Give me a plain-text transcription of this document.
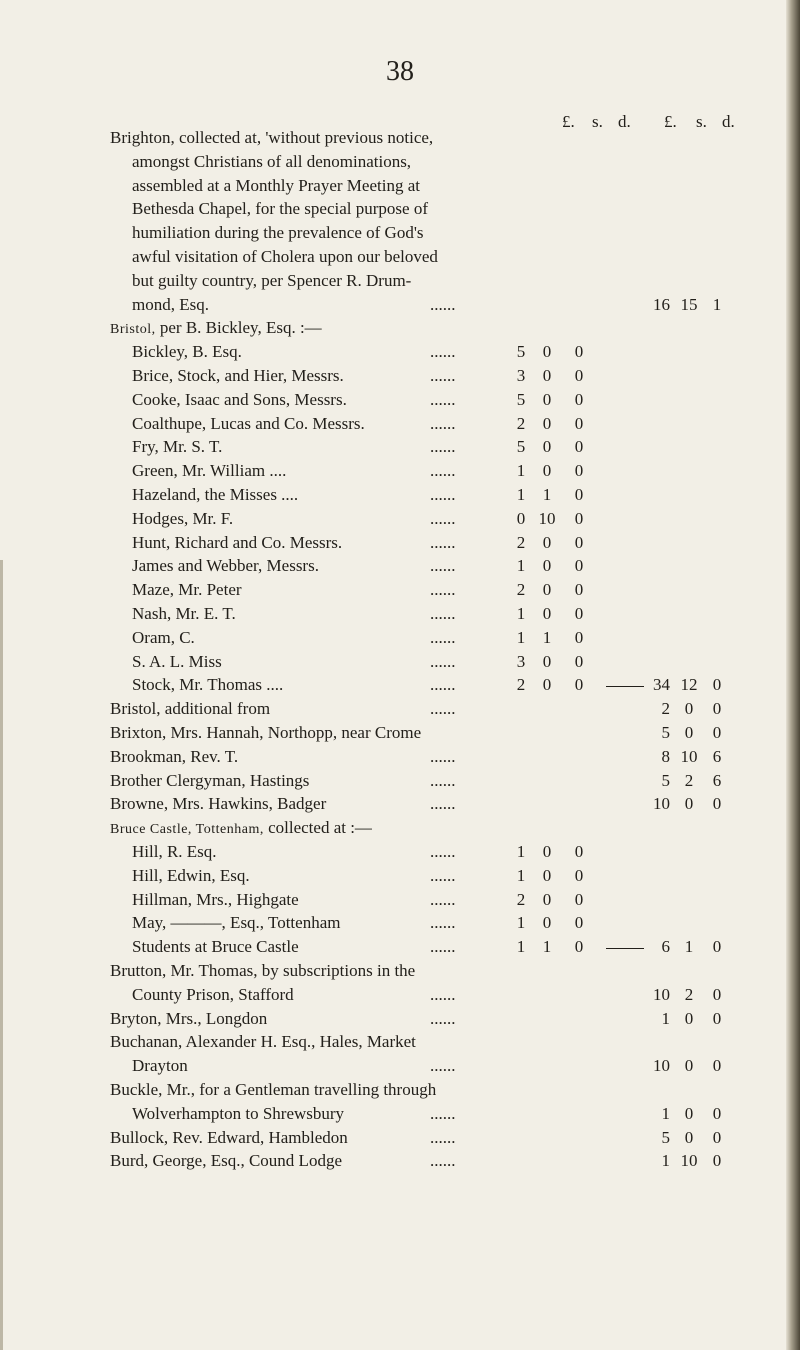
38
£. s. d. £. s. d.
Brighton, collected at, 'without previous notice,
amongst Christians of all denominations,
assembled at a Monthly Prayer Meeting at
Bethesda Chapel, for the special purpose of
humiliation during the prevalence of God's
awful visitation of Cholera upon our beloved
but guilty country, per Spencer R. Drum-
mond, Esq.	......	16 15 1
Bristol, per B. Bickley, Esq. :—
Bickley, B. Esq.	......	5	0	0
Brice, Stock, and Hier, Messrs.	......	3	0	0
Cooke, Isaac and Sons, Messrs.	......	5	0	0
Coalthupe, Lucas and Co. Messrs.	......	2	0	0
Fry, Mr. S. T.	......	5	0	0
Green, Mr. William ....	......	1	0	0
Hazeland, the Misses ....	......	1	1	0
Hodges, Mr. F.	......	0 10	0
Hunt, Richard and Co. Messrs.	......	2	0	0
James and Webber, Messrs.	......	1	0	0
Maze, Mr. Peter	......	2	0	0
Nash, Mr. E. T.	......	1	0	0
Oram, C.	......	1	1	0
S. A. L. Miss	......	3	0	0
Stock, Mr. Thomas ....	......	2	0	0	34 12 0
Bristol, additional from	......	2 0	0
Brixton, Mrs. Hannah, Northopp, near Crome	5 0	0
Brookman, Rev. T.	......	8 10 6
Brother Clergyman, Hastings	......	5 2	6
Browne, Mrs. Hawkins, Badger	......	10 0	0
Bruce Castle, Tottenham, collected at :—
Hill, R. Esq.	......	1	0	0
Hill, Edwin, Esq.	......	1	0	0
Hillman, Mrs., Highgate	......	2	0	0
May, ———, Esq., Tottenham	......	1	0	0
Students at Bruce Castle	......	1	1	0	6 1	0
Brutton, Mr. Thomas, by subscriptions in the
County Prison, Stafford	......	10 2	0
Bryton, Mrs., Longdon	......	1 0	0
Buchanan, Alexander H. Esq., Hales, Market
Drayton	......	10 0	0
Buckle, Mr., for a Gentleman travelling through
Wolverhampton to Shrewsbury	......	1 0	0
Bullock, Rev. Edward, Hambledon	......	5 0	0
Burd, George, Esq., Cound Lodge	......	1 10 0
